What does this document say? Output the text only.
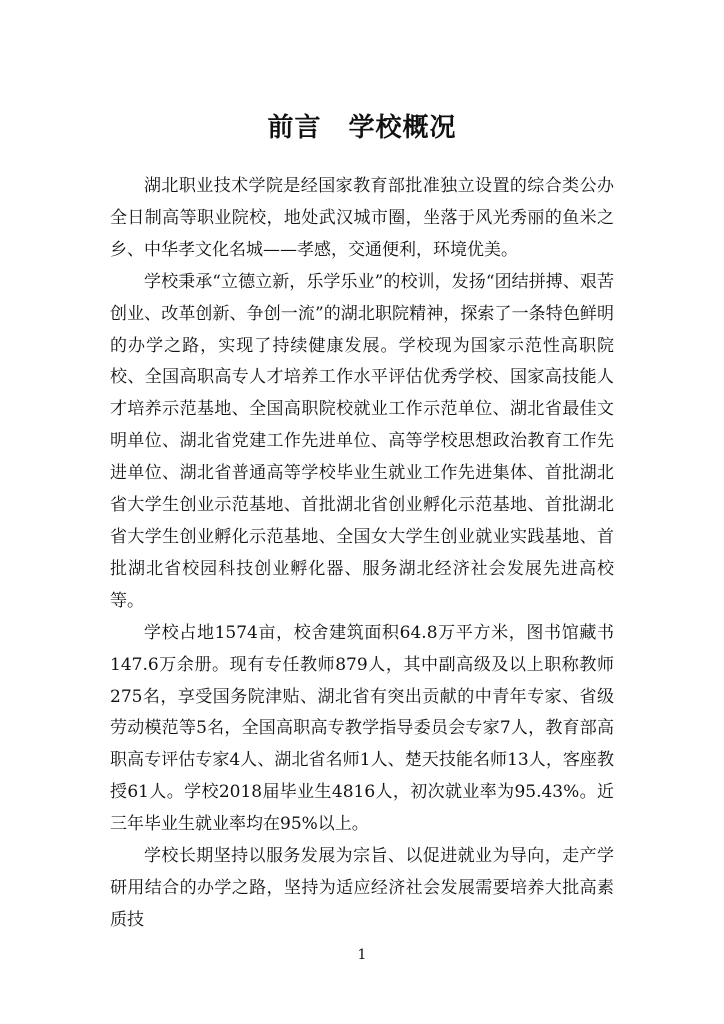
前言　学校概况

湖北职业技术学院是经国家教育部批准独立设置的综合类公办全日制高等职业院校，地处武汉城市圈，坐落于风光秀丽的鱼米之乡、中华孝文化名城——孝感，交通便利，环境优美。

学校秉承“立德立新，乐学乐业”的校训，发扬“团结拼搏、艰苦创业、改革创新、争创一流”的湖北职院精神，探索了一条特色鲜明的办学之路，实现了持续健康发展。学校现为国家示范性高职院校、全国高职高专人才培养工作水平评估优秀学校、国家高技能人才培养示范基地、全国高职院校就业工作示范单位、湖北省最佳文明单位、湖北省党建工作先进单位、高等学校思想政治教育工作先进单位、湖北省普通高等学校毕业生就业工作先进集体、首批湖北省大学生创业示范基地、首批湖北省创业孵化示范基地、首批湖北省大学生创业孵化示范基地、全国女大学生创业就业实践基地、首批湖北省校园科技创业孵化器、服务湖北经济社会发展先进高校等。

学校占地1574亩，校舍建筑面积64.8万平方米，图书馆藏书147.6万余册。现有专任教师879人，其中副高级及以上职称教师275名，享受国务院津贴、湖北省有突出贡献的中青年专家、省级劳动模范等5名，全国高职高专教学指导委员会专家7人，教育部高职高专评估专家4人、湖北省名师1人、楚天技能名师13人，客座教授61人。学校2018届毕业生4816人，初次就业率为95.43%。近三年毕业生就业率均在95%以上。

学校长期坚持以服务发展为宗旨、以促进就业为导向，走产学研用结合的办学之路，坚持为适应经济社会发展需要培养大批高素质技

1
